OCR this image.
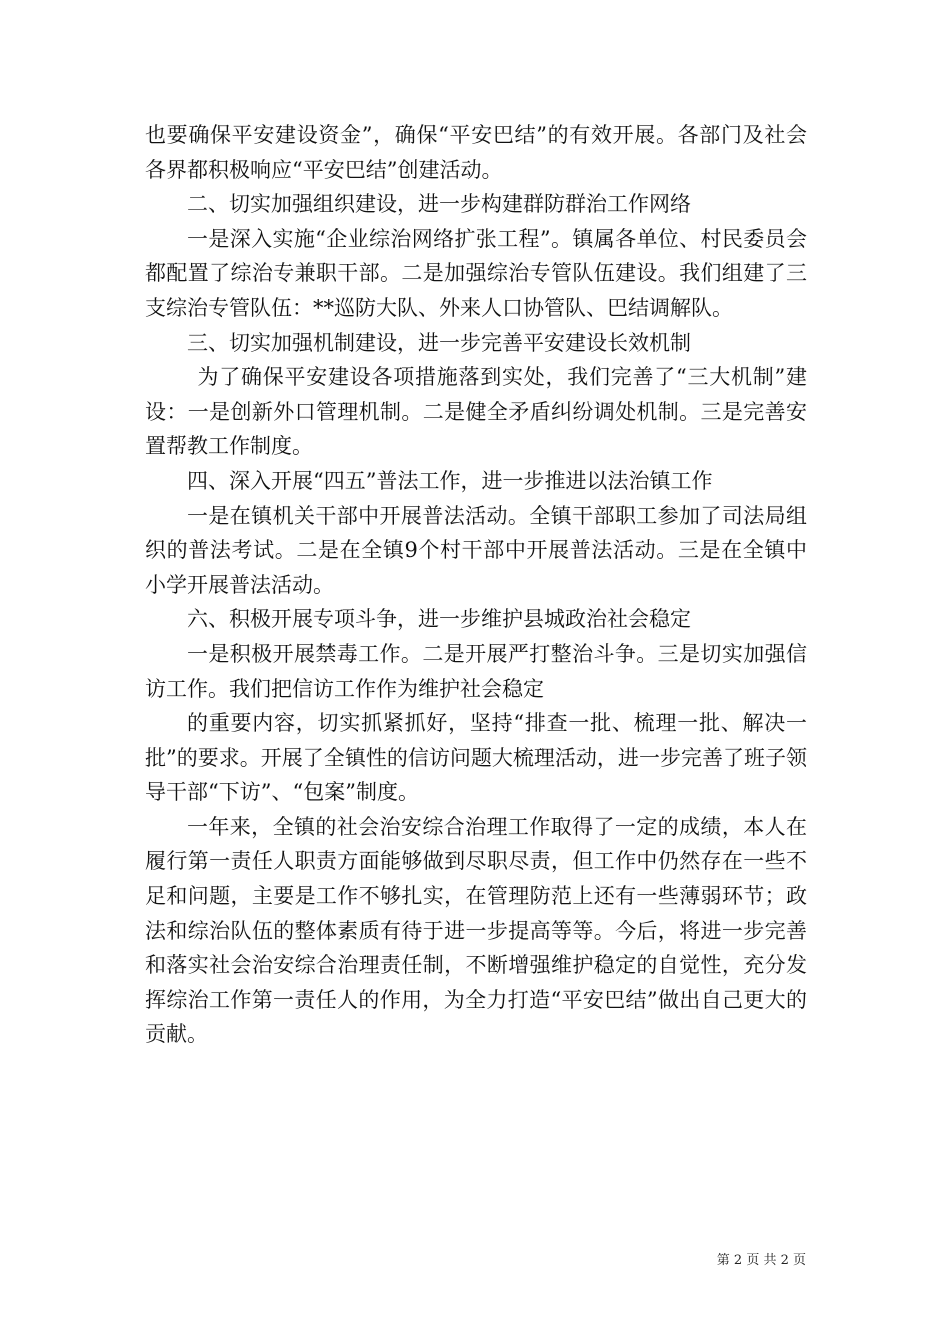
也要确保平安建设资金”，确保“平安巴结”的有效开展。各部门及社会各界都积极响应“平安巴结”创建活动。

二、切实加强组织建设，进一步构建群防群治工作网络

一是深入实施“企业综治网络扩张工程”。镇属各单位、村民委员会都配置了综治专兼职干部。二是加强综治专管队伍建设。我们组建了三支综治专管队伍：**巡防大队、外来人口协管队、巴结调解队。

三、切实加强机制建设，进一步完善平安建设长效机制

为了确保平安建设各项措施落到实处，我们完善了“三大机制”建设：一是创新外口管理机制。二是健全矛盾纠纷调处机制。三是完善安置帮教工作制度。

四、深入开展“四五”普法工作，进一步推进以法治镇工作

一是在镇机关干部中开展普法活动。全镇干部职工参加了司法局组织的普法考试。二是在全镇9个村干部中开展普法活动。三是在全镇中小学开展普法活动。

六、积极开展专项斗争，进一步维护县城政治社会稳定

一是积极开展禁毒工作。二是开展严打整治斗争。三是切实加强信访工作。我们把信访工作作为维护社会稳定

的重要内容，切实抓紧抓好，坚持“排查一批、梳理一批、解决一批”的要求。开展了全镇性的信访问题大梳理活动，进一步完善了班子领导干部“下访”、“包案”制度。

一年来，全镇的社会治安综合治理工作取得了一定的成绩，本人在履行第一责任人职责方面能够做到尽职尽责，但工作中仍然存在一些不足和问题，主要是工作不够扎实，在管理防范上还有一些薄弱环节；政法和综治队伍的整体素质有待于进一步提高等等。今后，将进一步完善和落实社会治安综合治理责任制，不断增强维护稳定的自觉性，充分发挥综治工作第一责任人的作用，为全力打造“平安巴结”做出自己更大的贡献。

第 2 页 共 2 页
